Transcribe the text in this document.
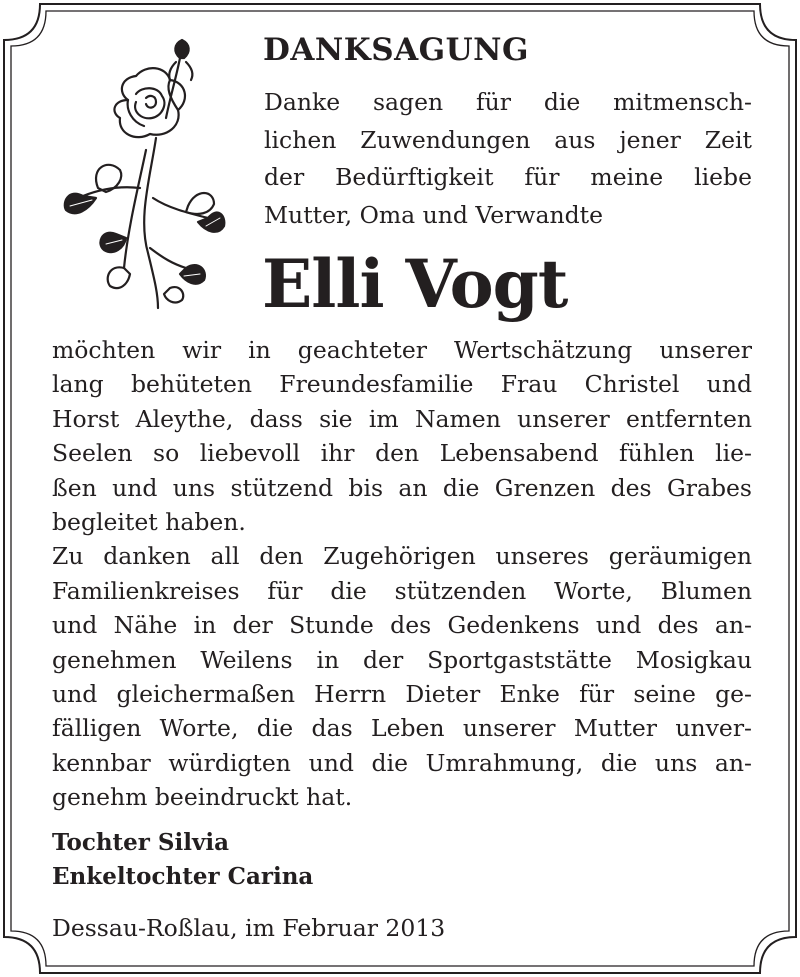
DANKSAGUNG

Danke sagen für die mitmensch-
lichen Zuwendungen aus jener Zeit
der Bedürftigkeit für meine liebe
Mutter, Oma und Verwandte

Elli Vogt

möchten wir in geachteter Wertschätzung unserer
lang behüteten Freundesfamilie Frau Christel und
Horst Aleythe, dass sie im Namen unserer entfernten
Seelen so liebevoll ihr den Lebensabend fühlen lie-
ßen und uns stützend bis an die Grenzen des Grabes
begleitet haben.
Zu danken all den Zugehörigen unseres geräumigen
Familienkreises für die stützenden Worte, Blumen
und Nähe in der Stunde des Gedenkens und des an-
genehmen Weilens in der Sportgaststätte Mosigkau
und gleichermaßen Herrn Dieter Enke für seine ge-
fälligen Worte, die das Leben unserer Mutter unver-
kennbar würdigten und die Umrahmung, die uns an-
genehm beeindruckt hat.

Tochter Silvia
Enkeltochter Carina

Dessau-Roßlau, im Februar 2013
